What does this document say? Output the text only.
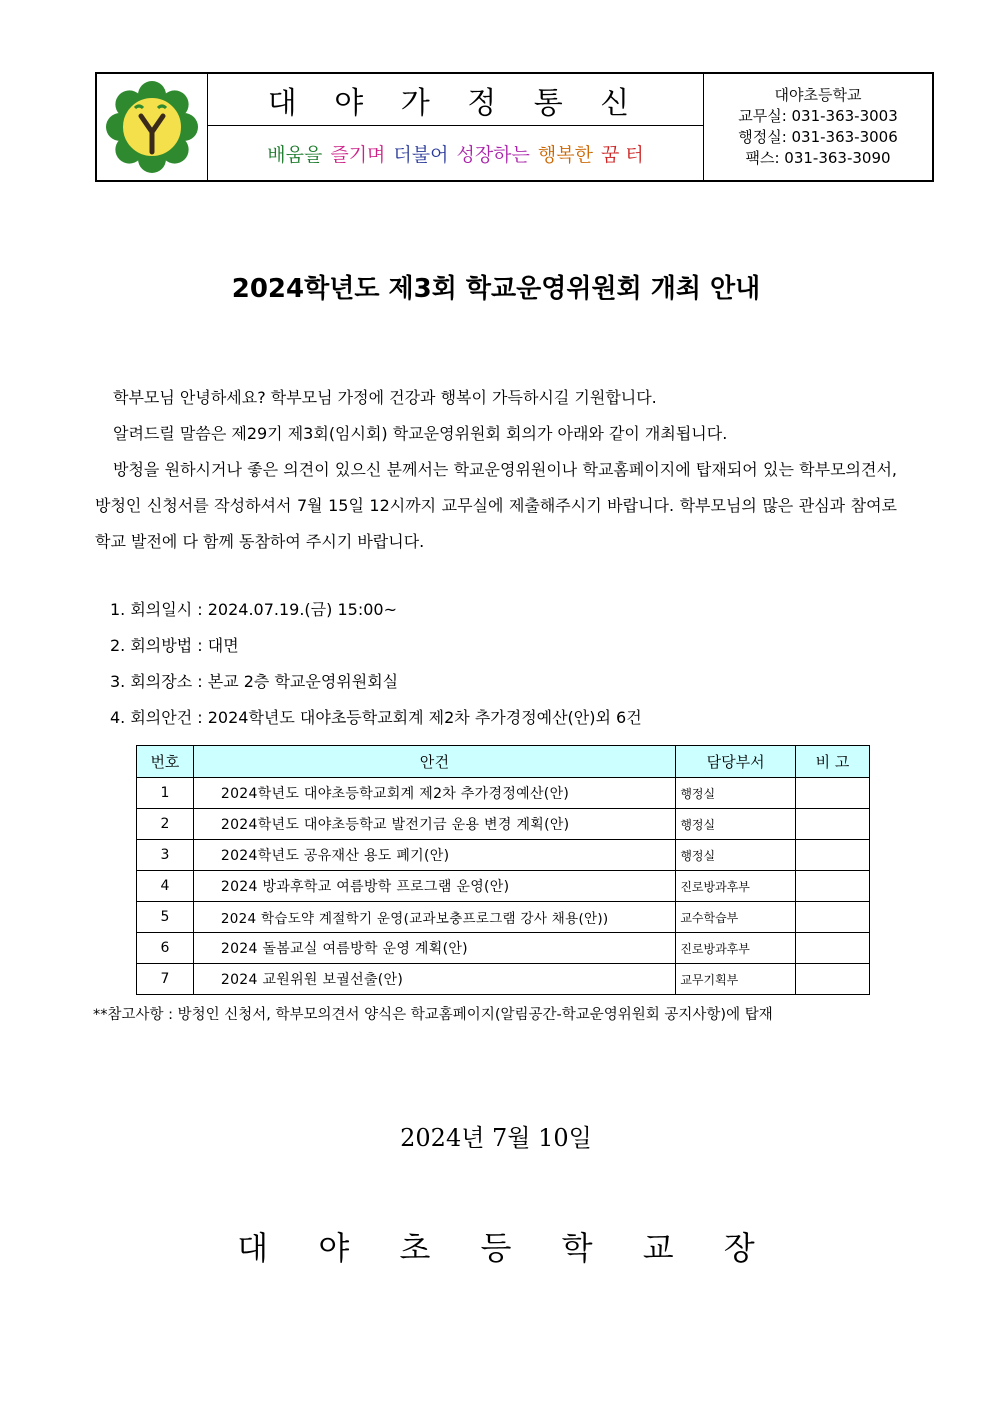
대 야 가 정 통 신
배움을 즐기며 더불어 성장하는 행복한 꿈 터
대야초등학교
교무실: 031-363-3003
행정실: 031-363-3006
팩스: 031-363-3090
2024학년도 제3회 학교운영위원회 개최 안내

학부모님 안녕하세요? 학부모님 가정에 건강과 행복이 가득하시길 기원합니다.

알려드릴 말씀은 제29기 제3회(임시회) 학교운영위원회 회의가 아래와 같이 개최됩니다.

방청을 원하시거나 좋은 의견이 있으신 분께서는 학교운영위원이나 학교홈페이지에 탑재되어 있는 학부모의견서, 방청인 신청서를 작성하셔서 7월 15일 12시까지 교무실에 제출해주시기 바랍니다. 학부모님의 많은 관심과 참여로 학교 발전에 다 함께 동참하여 주시기 바랍니다.

1. 회의일시 : 2024.07.19.(금) 15:00~
2. 회의방법 : 대면
3. 회의장소 : 본교 2층 학교운영위원회실
4. 회의안건 : 2024학년도 대야초등학교회계 제2차 추가경정예산(안)외 6건
번호	안건	담당부서	비 고
1	2024학년도 대야초등학교회계 제2차 추가경정예산(안)	행정실	
2	2024학년도 대야초등학교 발전기금 운용 변경 계획(안)	행정실	
3	2024학년도 공유재산 용도 폐기(안)	행정실	
4	2024 방과후학교 여름방학 프로그램 운영(안)	진로방과후부	
5	2024 학습도약 계절학기 운영(교과보충프로그램 강사 채용(안))	교수학습부	
6	2024 돌봄교실 여름방학 운영 계획(안)	진로방과후부	
7	2024 교원위원 보궐선출(안)	교무기획부	
**참고사항 : 방청인 신청서, 학부모의견서 양식은 학교홈페이지(알림공간-학교운영위원회 공지사항)에 탑재
2024년 7월 10일
대 야 초 등 학 교 장
